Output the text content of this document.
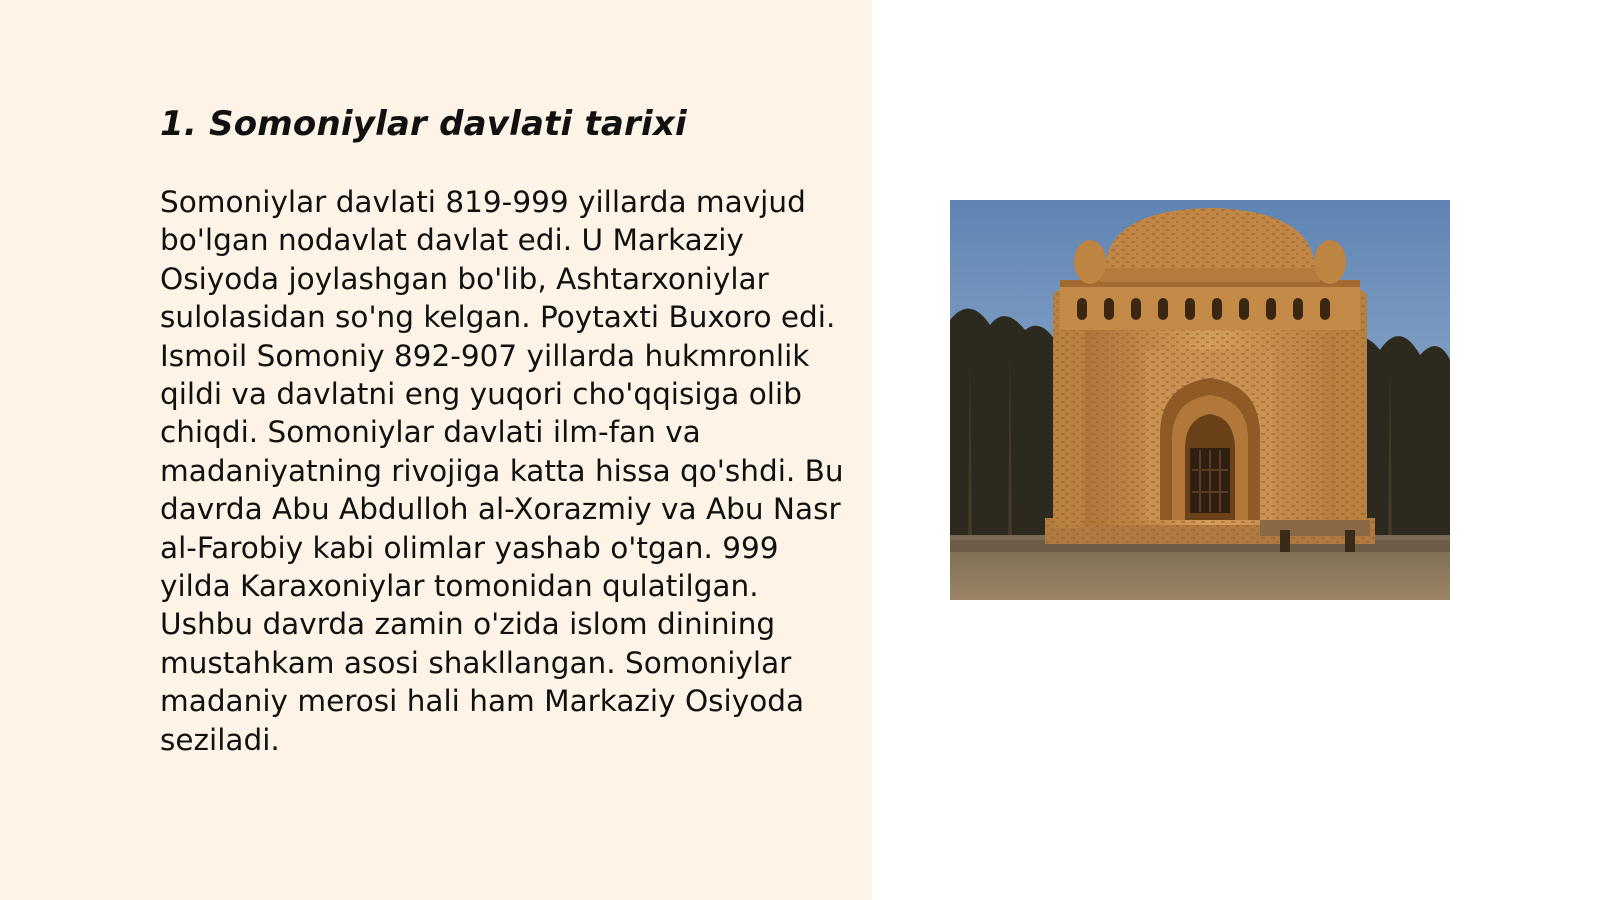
1. Somoniylar davlati tarixi

Somoniylar davlati 819-999 yillarda mavjud bo'lgan nodavlat davlat edi. U Markaziy Osiyoda joylashgan bo'lib, Ashtarxoniylar sulolasidan so'ng kelgan. Poytaxti Buxoro edi. Ismoil Somoniy 892-907 yillarda hukmronlik qildi va davlatni eng yuqori cho'qqisiga olib chiqdi. Somoniylar davlati ilm-fan va madaniyatning rivojiga katta hissa qo'shdi. Bu davrda Abu Abdulloh al-Xorazmiy va Abu Nasr al-Farobiy kabi olimlar yashab o'tgan. 999 yilda Karaxoniylar tomonidan qulatilgan. Ushbu davrda zamin o'zida islom dinining mustahkam asosi shakllangan. Somoniylar madaniy merosi hali ham Markaziy Osiyoda seziladi.
